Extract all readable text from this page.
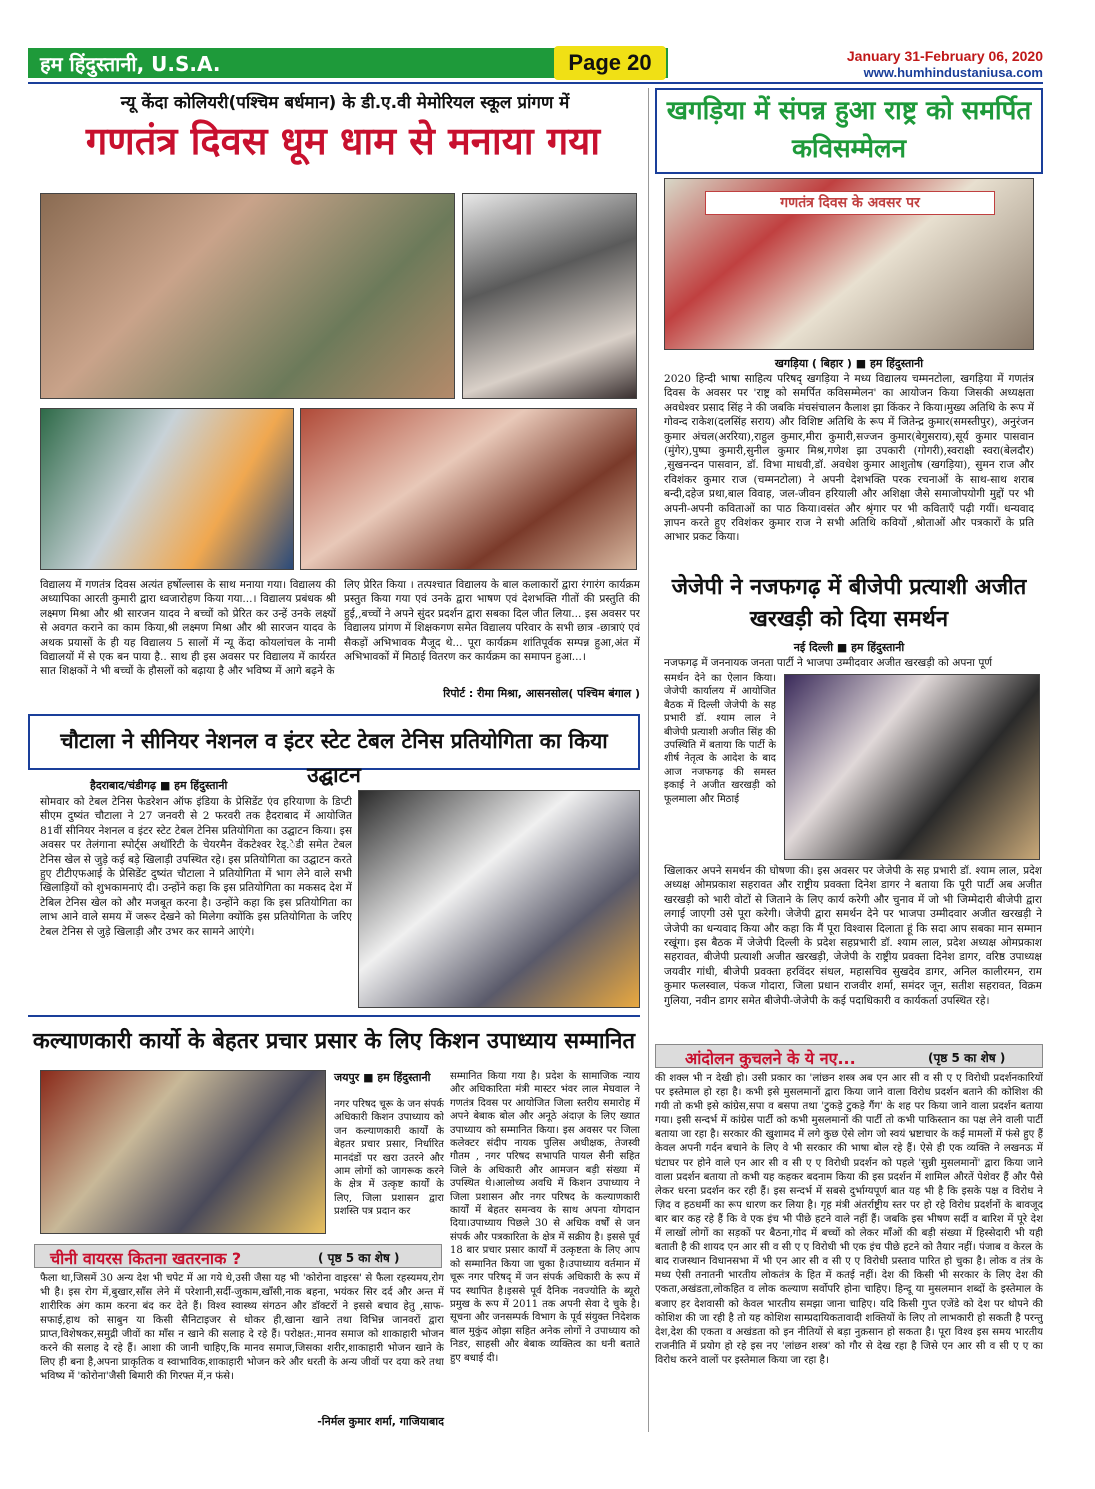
हम हिंदुस्तानी, U.S.A.	Page 20	January 31-February 06, 2020
www.humhindustaniusa.com
न्यू केंदा कोलियरी(पश्चिम बर्धमान) के डी.ए.वी मेमोरियल स्कूल प्रांगण में
गणतंत्र दिवस धूम धाम से मनाया गया
विद्यालय में गणतंत्र दिवस अत्यंत हर्षोल्लास के साथ मनाया गया। विद्यालय की अध्यापिका आरती कुमारी द्वारा ध्वजारोहण किया गया...। विद्यालय प्रबंधक श्री लक्ष्मण मिश्रा और श्री सारजन यादव ने बच्चों को प्रेरित कर उन्हें उनके लक्ष्यों से अवगत कराने का काम किया,श्री लक्ष्मण मिश्रा और श्री सारजन यादव के अथक प्रयासों के ही यह विद्यालय 5 सालों में न्यू केंदा कोयलांचल के नामी विद्यालयों में से एक बन पाया है.. साथ ही इस अवसर पर विद्यालय में कार्यरत सात शिक्षकों ने भी बच्चों के हौसलों को बढ़ाया है और भविष्य में आगे बढ़ने के
लिए प्रेरित किया । तत्पश्चात विद्यालय के बाल कलाकारों द्वारा रंगारंग कार्यक्रम प्रस्तुत किया गया एवं उनके द्वारा भाषण एवं देशभक्ति गीतों की प्रस्तुति की हुई,,बच्चों ने अपने सुंदर प्रदर्शन द्वारा सबका दिल जीत लिया... इस अवसर पर विद्यालय प्रांगण में शिक्षकगण समेत विद्यालय परिवार के सभी छात्र -छात्राएं एवं सैकड़ों अभिभावक मैजूद थे... पूरा कार्यक्रम शांतिपूर्वक सम्पन्न हुआ,अंत में अभिभावकों में मिठाई वितरण कर कार्यक्रम का समापन हुआ...।
रिपोर्ट : रीमा मिश्रा, आसनसोल( पश्चिम बंगाल )
खगड़िया में संपन्न हुआ राष्ट्र को समर्पित कविसम्मेलन
गणतंत्र दिवस के अवसर पर
खगड़िया ( बिहार ) ■ हम हिंदुस्तानी
2020 हिन्दी भाषा साहित्य परिषद् खगड़िया ने मध्य विद्यालय चम्मनटोला, खगड़िया में गणतंत्र दिवस के अवसर पर 'राष्ट्र को समर्पित कविसम्मेलन' का आयोजन किया जिसकी अध्यक्षता अवधेश्वर प्रसाद सिंह ने की जबकि मंचसंचालन कैलाश झा किंकर ने किया।मुख्य अतिथि के रूप में गोवन्द राकेश(दलसिंह सराय) और विशिष्ट अतिथि के रूप में जितेन्द्र कुमार(समस्तीपुर), अनुरंजन कुमार अंचल(अररिया),राहुल कुमार,मीरा कुमारी,सज्जन कुमार(बेगुसराय),सूर्य कुमार पासवान (मुंगेर),पुष्पा कुमारी,सुनील कुमार मिश्र,गणेश झा उपकारी (गोगरी),स्वराक्षी स्वरा(बेलदौर) ,सुखनन्दन पासवान, डॉ. विभा माधवी,डॉ. अवधेश कुमार आशुतोष (खगड़िया), सुमन राज और रविशंकर कुमार राज (चम्मनटोला) ने अपनी देशभक्ति परक रचनाओं के साथ-साथ शराब बन्दी,दहेज प्रथा,बाल विवाह, जल-जीवन हरियाली और अशिक्षा जैसे समाजोपयोगी मुद्दों पर भी अपनी-अपनी कविताओं का पाठ किया।वसंत और श्रृंगार पर भी कविताएँ पढ़ी गयीं। धन्यवाद ज्ञापन करते हुए रविशंकर कुमार राज ने सभी अतिथि कवियों ,श्रोताओं और पत्रकारों के प्रति आभार प्रकट किया।
जेजेपी ने नजफगढ़ में बीजेपी प्रत्याशी अजीत खरखड़ी को दिया समर्थन
नई दिल्ली ■ हम हिंदुस्तानी
नजफगढ़ में जननायक जनता पार्टी ने भाजपा उम्मीदवार अजीत खरखड़ी को अपना पूर्ण
समर्थन देने का ऐलान किया। जेजेपी कार्यालय में आयोजित बैठक में दिल्ली जेजेपी के सह प्रभारी डॉ. श्याम लाल ने बीजेपी प्रत्याशी अजीत सिंह की उपस्थिति में बताया कि पार्टी के शीर्ष नेतृत्व के आदेश के बाद आज नजफगढ़ की समस्त इकाई ने अजीत खरखड़ी को फूलमाला और मिठाई
खिलाकर अपने समर्थन की घोषणा की। इस अवसर पर जेजेपी के सह प्रभारी डॉ. श्याम लाल, प्रदेश अध्यक्ष ओमप्रकाश सहरावत और राष्ट्रीय प्रवक्ता दिनेश डागर ने बताया कि पूरी पार्टी अब अजीत खरखड़ी को भारी वोटों से जिताने के लिए कार्य करेगी और चुनाव में जो भी जिम्मेदारी बीजेपी द्वारा लगाई जाएगी उसे पूरा करेगी। जेजेपी द्वारा समर्थन देने पर भाजपा उम्मीदवार अजीत खरखड़ी ने जेजेपी का धन्यवाद किया और कहा कि मैं पूरा विश्वास दिलाता हूं कि सदा आप सबका मान सम्मान रखूंगा। इस बैठक में जेजेपी दिल्ली के प्रदेश सहप्रभारी डॉ. श्याम लाल, प्रदेश अध्यक्ष ओमप्रकाश सहरावत, बीजेपी प्रत्याशी अजीत खरखड़ी, जेजेपी के राष्ट्रीय प्रवक्ता दिनेश डागर, वरिष्ठ उपाध्यक्ष जयवीर गांधी, बीजेपी प्रवक्ता हरविंदर संधल, महासचिव सुखदेव डागर, अनिल कालीरमन, राम कुमार फलस्वाल, पंकज गोदारा, जिला प्रधान राजवीर शर्मा, समंदर जून, सतीश सहरावत, विक्रम गुलिया, नवीन डागर समेत बीजेपी-जेजेपी के कई पदाधिकारी व कार्यकर्ता उपस्थित रहे।
चौटाला ने सीनियर नेशनल व इंटर स्टेट टेबल टेनिस प्रतियोगिता का किया उद्घाटन
हैदराबाद/चंडीगढ़ ■ हम हिंदुस्तानी
सोमवार को टेबल टेनिस फेडरेशन ऑफ इंडिया के प्रेसिडेंट एंव हरियाणा के डिप्टी सीएम दुष्यंत चौटाला ने 27 जनवरी से 2 फरवरी तक हैदराबाद में आयोजित 81वीं सीनियर नेशनल व इंटर स्टेट टेबल टेनिस प्रतियोगिता का उद्घाटन किया। इस अवसर पर तेलंगाना स्पोर्ट्स अथॉरिटी के चेयरमैन वेंकटेश्वर रेड्.ेडी समेत टेबल टेनिस खेल से जुड़े कई बड़े खिलाड़ी उपस्थित रहे। इस प्रतियोगिता का उद्घाटन करते हुए टीटीएफआई के प्रेसिडेंट दुष्यंत चौटाला ने प्रतियोगिता में भाग लेने वाले सभी खिलाड़ियों को शुभकामनाएं दी। उन्होंने कहा कि इस प्रतियोगिता का मकसद देश में टेबिल टेनिस खेल को और मजबूत करना है। उन्होंने कहा कि इस प्रतियोगिता का लाभ आने वाले समय में जरूर देखने को मिलेगा क्योंकि इस प्रतियोगिता के जरिए टेबल टेनिस से जुड़े खिलाड़ी और उभर कर सामने आएंगे।
कल्याणकारी कार्यो के बेहतर प्रचार प्रसार के लिए किशन उपाध्याय सम्मानित
जयपुर ■ हम हिंदुस्तानी
नगर परिषद चूरू के जन संपर्क अधिकारी किशन उपाध्याय को जन कल्याणकारी कार्यों के बेहतर प्रचार प्रसार, निर्धारित मानदंडों पर खरा उतरने और आम लोगों को जागरूक करने के क्षेत्र में उत्कृष्ट कार्यों के लिए, जिला प्रशासन द्वारा प्रशस्ति पत्र प्रदान कर
सम्मानित किया गया है। प्रदेश के सामाजिक न्याय और अधिकारिता मंत्री मास्टर भंवर लाल मेघवाल ने गणतंत्र दिवस पर आयोजित जिला स्तरीय समारोह में अपने बेबाक बोल और अनूठे अंदाज़ के लिए ख्यात उपाध्याय को सम्मानित किया। इस अवसर पर जिला कलेक्टर संदीप नायक पुलिस अधीक्षक, तेजस्वी गौतम , नगर परिषद सभापति पायल सैनी सहित जिले के अधिकारी और आमजन बड़ी संख्या में उपस्थित थे।आलोच्य अवधि में किशन उपाध्याय ने जिला प्रशासन और नगर परिषद के कल्याणकारी कार्यों में बेहतर समन्वय के साथ अपना योगदान दिया।उपाध्याय पिछले 30 से अधिक वर्षों से जन संपर्क और पत्रकारिता के क्षेत्र में सक्रीय है। इससे पूर्व 18 बार प्रचार प्रसार कार्यों में उत्कृष्टता के लिए आप को सम्मानित किया जा चुका है।उपाध्याय वर्तमान में चूरू नगर परिषद् में जन संपर्क अधिकारी के रूप में पद स्थापित है।इससे पूर्व दैनिक नवज्योति के ब्यूरो प्रमुख के रूप में 2011 तक अपनी सेवा दे चुके है। सूचना और जनसम्पर्क विभाग के पूर्व संयुक्त निदेशक बाल मुकुंद ओझा सहित अनेक लोगों ने उपाध्याय को निडर, साहसी और बेबाक व्यक्तित्व का धनी बताते हुए बधाई दी।
चीनी वायरस कितना खतरनाक ?	( पृष्ठ 5 का शेष )
फैला था,जिसमें 30 अन्य देश भी चपेट में आ गये थे,उसी जैसा यह भी 'कोरोना वाइरस' से फैला रहस्यमय,रोग भी है। इस रोग में,बुखार,साँस लेने में परेशानी,सर्दी-जुकाम,खाँसी,नाक बहना, भयंकर सिर दर्द और अन्त में शारीरिक अंग काम करना बंद कर देते हैं। विश्व स्वास्थ्य संगठन और डॉक्टरों ने इससे बचाव हेतु ,साफ-सफाई,हाथ को साबुन या किसी सैनिटाइजर से धोकर ही,खाना खाने तथा विभिन्न जानवरों द्वारा प्राप्त,विशेषकर,समुद्री जीवों का माँस न खाने की सलाह दे रहे हैं। परोक्षत:,मानव समाज को शाकाहारी भोजन करने की सलाह दे रहे हैं। आशा की जानी चाहिए,कि मानव समाज,जिसका शरीर,शाकाहारी भोजन खाने के लिए ही बना है,अपना प्राकृतिक व स्वाभाविक,शाकाहारी भोजन करे और धरती के अन्य जीवों पर दया करे तथा भविष्य में 'कोरोना'जैसी बिमारी की गिरफ्त में,न फंसे।
-निर्मल कुमार शर्मा, गाजियाबाद
आंदोलन कुचलने के ये नए...	(पृष्ठ 5 का शेष )
की शक्ल भी न देखी हो। उसी प्रकार का 'लांछन शस्त्र अब एन आर सी व सी ए ए विरोधी प्रदर्शनकारियों पर इस्तेमाल हो रहा है। कभी इसे मुसलमानों द्वारा किया जाने वाला विरोध प्रदर्शन बताने की कोशिश की गयी तो कभी इसे कांग्रेस,सपा व बसपा तथा 'टुकड़े टुकड़े गैंग' के शह पर किया जाने वाला प्रदर्शन बताया गया। इसी सन्दर्भ में कांग्रेस पार्टी को कभी मुसलमानों की पार्टी तो कभी पाकिस्तान का पक्ष लेने वाली पार्टी बताया जा रहा है। सरकार की खुशामद में लगे कुछ ऐसे लोग जो स्वयं भ्रष्टाचार के कई मामलों में फंसे हुए हैं केवल अपनी गर्दन बचाने के लिए वे भी सरकार की भाषा बोल रहे हैं। ऐसे ही एक व्यक्ति ने लखनऊ में घंटाघर पर होने वाले एन आर सी व सी ए ए विरोधी प्रदर्शन को पहले 'सुन्नी मुसलमानों' द्वारा किया जाने वाला प्रदर्शन बताया तो कभी यह कहकर बदनाम किया की इस प्रदर्शन में शामिल औरतें पेशेवर हैं और पैसे लेकर धरना प्रदर्शन कर रही हैं। इस सन्दर्भ में सबसे दुर्भाग्यपूर्ण बात यह भी है कि इसके पक्ष व विरोध ने ज़िद व हठधर्मी का रूप धारण कर लिया है। गृह मंत्री अंतर्राष्ट्रीय स्तर पर हो रहे विरोध प्रदर्शनों के बावजूद बार बार कह रहे हैं कि वे एक इंच भी पीछे हटने वाले नहीं हैं। जबकि इस भीषण सर्दी व बारिश में पूरे देश में लाखों लोगों का सड़कों पर बैठना,गोद में बच्चों को लेकर माँओं की बड़ी संख्या में हिस्सेदारी भी यही बताती है की शायद एन आर सी व सी ए ए विरोधी भी एक इंच पीछे हटने को तैयार नहीं। पंजाब व केरल के बाद राजस्थान विधानसभा में भी एन आर सी व सी ए ए विरोधी प्रस्ताव पारित हो चुका है। लोक व तंत्र के मध्य ऐसी तनातनी भारतीय लोकतंत्र के हित में कतई नहीं। देश की किसी भी सरकार के लिए देश की एकता,अखंडता,लोकहित व लोक कल्याण सर्वोपरि होना चाहिए। हिन्दू या मुसलमान शब्दों के इस्तेमाल के बजाए हर देशवासी को केवल भारतीय समझा जाना चाहिए। यदि किसी गुप्त एजेंडे को देश पर थोपने की कोशिश की जा रही है तो यह कोशिश साम्प्रदायिकतावादी शक्तियों के लिए तो लाभकारी हो सकती है परन्तु देश,देश की एकता व अखंडता को इन नीतियों से बड़ा नुक़सान हो सकता है। पूरा विश्व इस समय भारतीय राजनीति में प्रयोग हो रहे इस नए 'लांछन शस्त्र' को गौर से देख रहा है जिसे एन आर सी व सी ए ए का विरोध करने वालों पर इस्तेमाल किया जा रहा है।
